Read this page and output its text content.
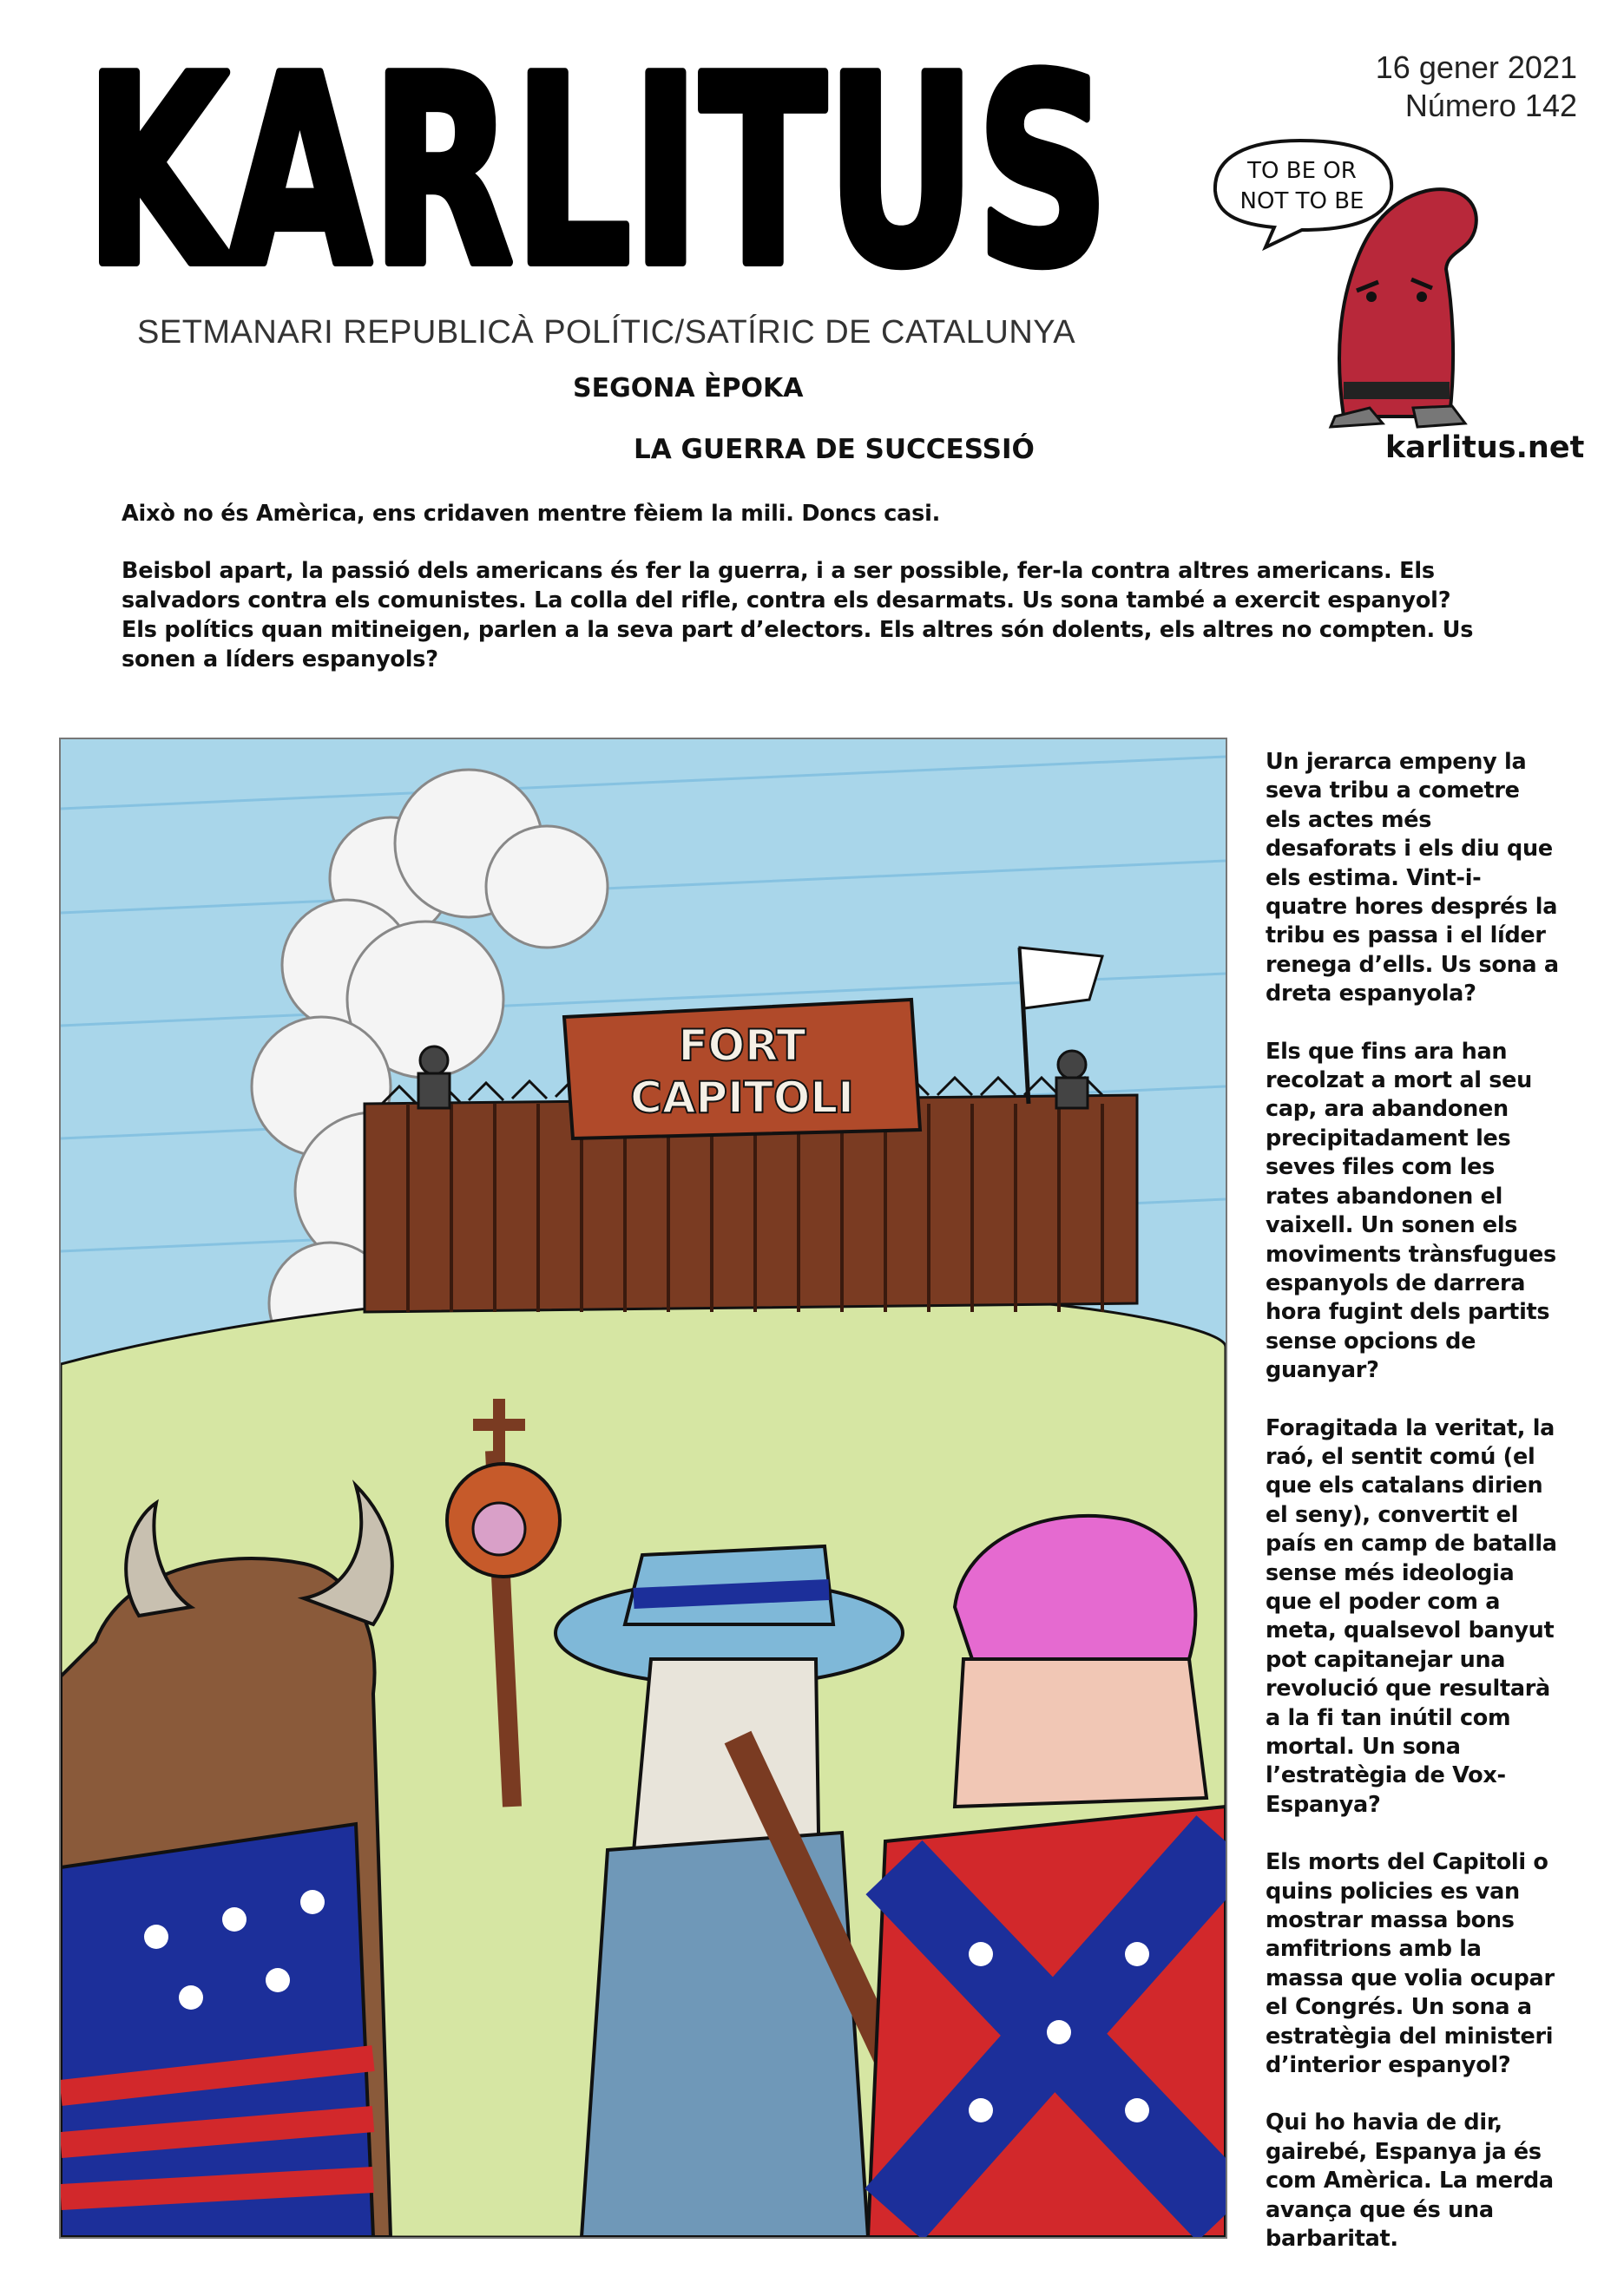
KARLITUS	16 gener 2021
Número 142
TO BE OR
NOT TO BE
SETMANARI REPUBLICÀ POLÍTIC/SATÍRIC DE CATALUNYA
SEGONA ÈPOKA
LA GUERRA DE SUCCESSIÓ	karlitus.net

Això no és Amèrica, ens cridaven mentre fèiem la mili. Doncs casi.

Beisbol apart, la passió dels americans és fer la guerra, i a ser possible, fer-la contra altres americans. Els salvadors contra els comunistes. La colla del rifle, contra els desarmats. Us sona també a exercit espanyol?

Els polítics quan mitineigen, parlen a la seva part d’electors. Els altres són dolents, els altres no compten. Us sonen a líders espanyols?

FORT
CAPITOLI

Un jerarca empeny la seva tribu a cometre els actes més desaforats i els diu que els estima. Vint-i-quatre hores després la tribu es passa i el líder renega d’ells. Us sona a dreta espanyola?

Els que fins ara han recolzat a mort al seu cap, ara abandonen precipitadament les seves files com les rates abandonen el vaixell. Un sonen els moviments trànsfugues espanyols de darrera hora fugint dels partits sense opcions de guanyar?

Foragitada la veritat, la raó, el sentit comú (el que els catalans dirien el seny), convertit el país en camp de batalla sense més ideologia que el poder com a meta, qualsevol banyut pot capitanejar una revolució que resultarà a la fi tan inútil com mortal. Un sona l’estratègia de Vox-Espanya?

Els morts del Capitoli o quins policies es van mostrar massa bons amfitrions amb la massa que volia ocupar el Congrés. Un sona a estratègia del ministeri d’interior espanyol?

Qui ho havia de dir, gairebé, Espanya ja és com Amèrica. La merda avança que és una barbaritat.
